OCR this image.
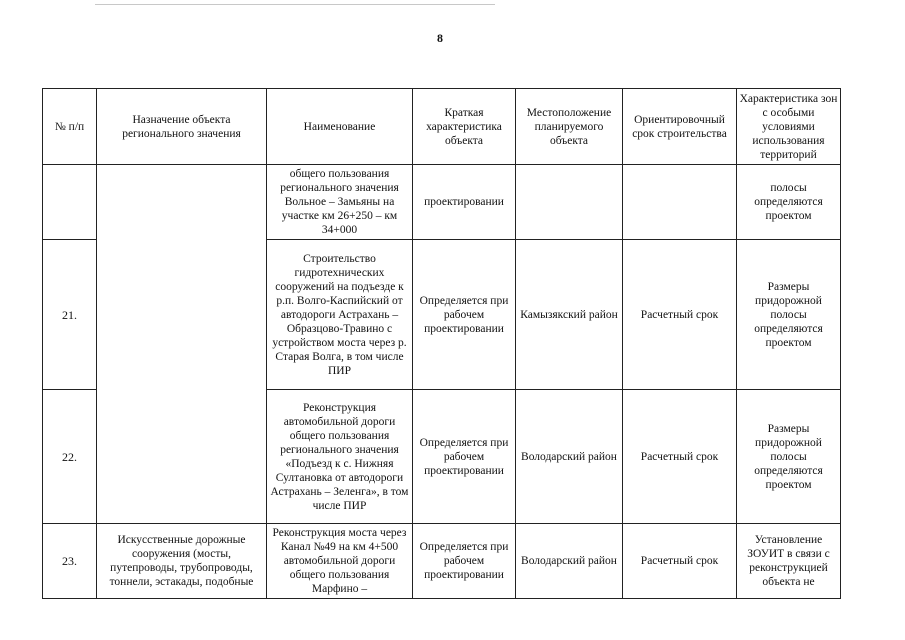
8
№ п/п	Назначение объекта регионального значения	Наименование	Краткая характеристика объекта	Местоположение планируемого объекта	Ориентировочный срок строительства	Характеристика зон с особыми условиями использования территорий
		общего пользования регионального значения Вольное – Замьяны на участке км 26+250 – км 34+000	проектировании			полосы определяются проектом
21.		Строительство гидротехнических сооружений на подъезде к р.п. Волго-Каспийский от автодороги Астрахань – Образцово-Травино с устройством моста через р. Старая Волга, в том числе ПИР	Определяется при рабочем проектировании	Камызякский район	Расчетный срок	Размеры придорожной полосы определяются проектом
22.		Реконструкция автомобильной дороги общего пользования регионального значения «Подъезд к с. Нижняя Султановка от автодороги Астрахань – Зеленга», в том числе ПИР	Определяется при рабочем проектировании	Володарский район	Расчетный срок	Размеры придорожной полосы определяются проектом
23.	Искусственные дорожные сооружения (мосты, путепроводы, трубопроводы, тоннели, эстакады, подобные	Реконструкция моста через Канал №49 на км 4+500 автомобильной дороги общего пользования Марфино –	Определяется при рабочем проектировании	Володарский район	Расчетный срок	Установление ЗОУИТ в связи с реконструкцией объекта не
